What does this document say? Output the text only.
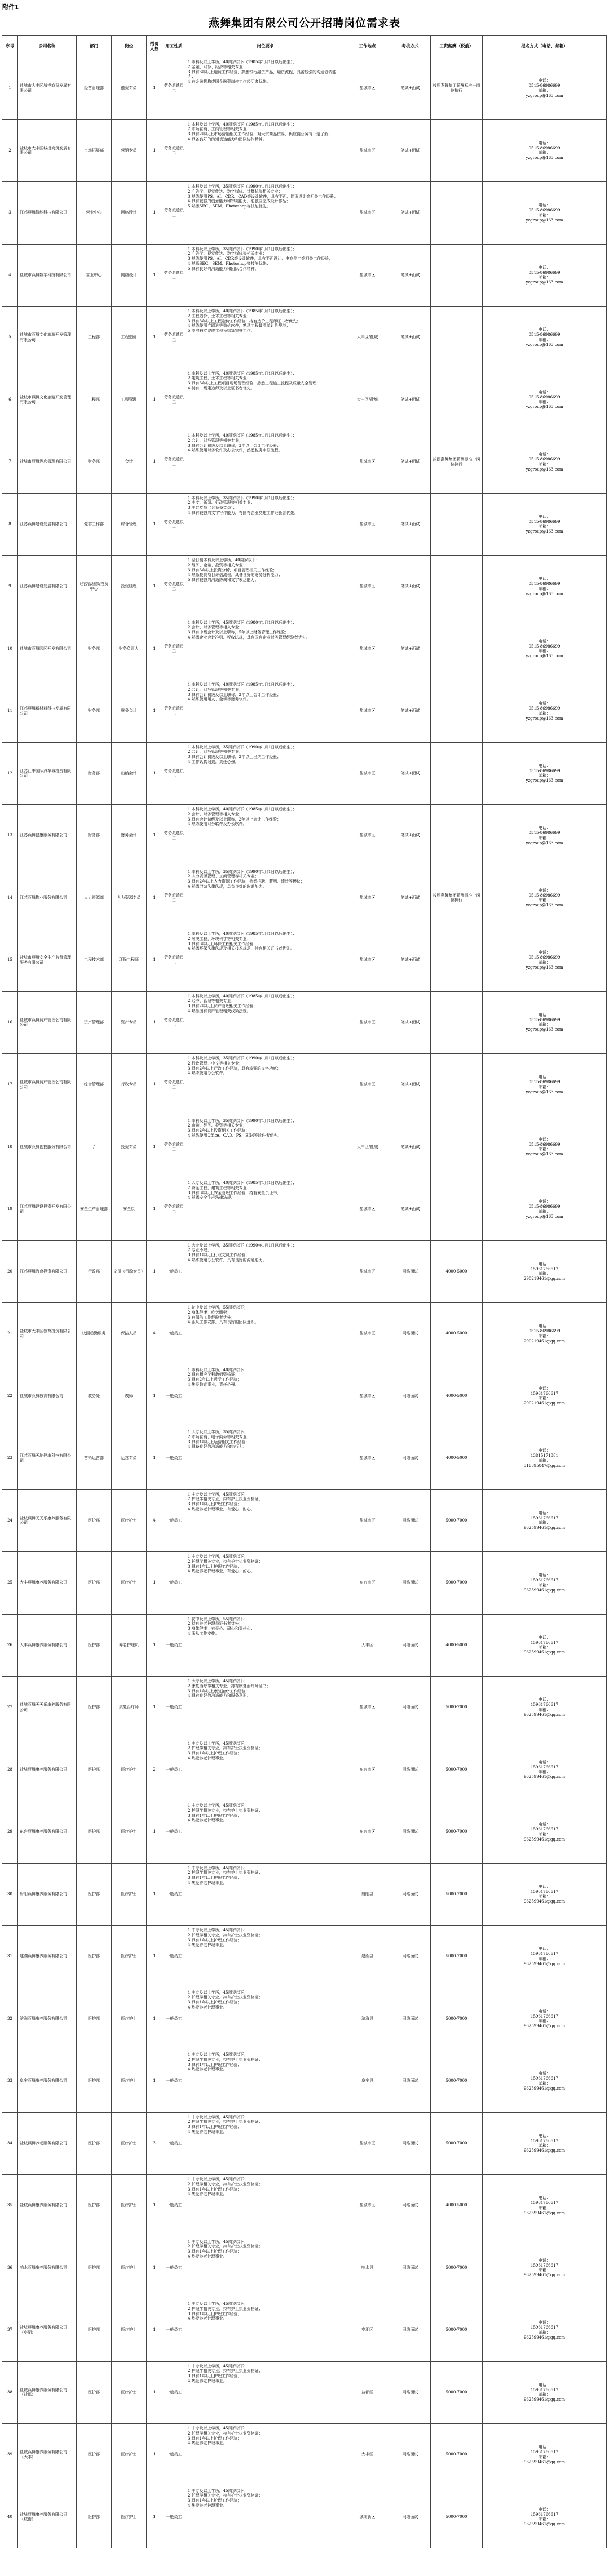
附件1
燕舞集团有限公司公开招聘岗位需求表
序号	公司名称	部门	岗位	招聘人数	用工性质	岗位要求	工作地点	考核方式	工资薪酬（税前）	报名方式（电话、邮箱）
1	盐城市大丰区城投商贸发展有限公司	经营管理部	融资专员	1	劳务派遣员工	1.本科及以上学历，40周岁以下（1985年1月1日以后出生）；
2.金融、财务、经济等相关专业；
3.具有3年以上融资工作经验，熟悉银行融资产品、融资流程，具备较强的沟通协调能力；
4.有金融机构或国企融资岗位工作经历者优先。	盐城市区	笔试+面试	按照燕舞集团薪酬标准一岗位执行	电话：
0515-86986699
邮箱：
yzgroup@163.com
2	盐城市大丰区城投商贸发展有限公司	市场拓展部	营销专员	1	劳务派遣员工	1.本科及以上学历，40周岁以下（1985年1月1日以后出生）；
2.市场营销、工商管理等相关专业；
3.具有2年以上市场营销相关工作经验，对大宗商品贸易、供应链业务有一定了解；
4.具备良好的沟通表达能力和团队协作精神。	盐城市区	笔试+面试		电话：
0515-86986699
邮箱：
yzgroup@163.com
3	江苏燕舞智能科技有限公司	营业中心	网络设计	1	劳务派遣员工	1.本科及以上学历，35周岁以下（1990年1月1日以后出生）；
2.广告学、视觉传达、数字媒体、计算机等相关专业；
3.熟练使用PS、AI、CDR、CAD等设计软件，具有平面、网页设计等相关工作经验；
4.具有较强的创意能力和审美能力，能独立完成设计作品；
5.熟悉SEO、SEM、Photoshop等技能优先。	盐城市区	笔试+面试		电话：
0515-86986699
邮箱：
yzgroup@163.com
4	盐城市燕舞数字科技有限公司	营业中心	网络设计	1	劳务派遣员工	1.本科及以上学历，35周岁以下（1990年1月1日以后出生）；
2.广告学、视觉传达、数字媒体等相关专业；
3.熟练使用PS、AI、CDR等设计软件，具有平面设计、电商美工等相关工作经验；
4.熟悉SEO、SEM、Photoshop等技能优先；
5.具有良好的沟通能力和团队合作精神。	盐城市区	笔试+面试		电话：
0515-86986699
邮箱：
yzgroup@163.com
5	盐城市燕舞文化旅游开发管理有限公司	工程部	工程造价	1	劳务派遣员工	1.本科及以上学历，40周岁以下（1985年1月1日以后出生）；
2.工程造价、土木工程等相关专业；
3.具有3年以上工程造价工作经验，持有造价工程师证书者优先；
4.熟练使用广联达等造价软件，熟悉工程量清单计价规范；
5.能够独立完成工程预结算审核工作。	大丰区/盐城	笔试+面试		电话：
0515-86986699
邮箱：
yzgroup@163.com
6	盐城市燕舞文化旅游开发管理有限公司	工程部	工程管理	1	劳务派遣员工	1.本科及以上学历，40周岁以下（1985年1月1日以后出生）；
2.建筑工程、土木工程等相关专业；
3.具有3年以上工程项目现场管理经验，熟悉工程施工流程及质量安全管理；
4.持有二级建造师及以上证书者优先。	大丰区/盐城	笔试+面试		电话：
0515-86986699
邮箱：
yzgroup@163.com
7	盐城市燕舞酒店管理有限公司	财务部	会计	1	劳务派遣员工	1.本科及以上学历，40周岁以下（1985年1月1日以后出生）；
2.会计、财务管理等相关专业；
3.具有会计初级及以上职称，3年以上会计工作经验；
4.熟练使用财务软件及办公软件，熟悉税务申报流程。	盐城市区	笔试+面试	按照燕舞集团薪酬标准一岗位执行	电话：
0515-86986699
邮箱：
yzgroup@163.com
8	江苏燕舞建设发展有限公司	党群工作部	综合管理	1	劳务派遣员工	1.本科及以上学历，35周岁以下（1990年1月1日以后出生）；
2.中文、新闻、行政管理等相关专业；
3.中共党员（含预备党员）；
4.具有较强的文字写作能力，有国有企业党建工作经验者优先。	盐城市区	笔试+面试		电话：
0515-86986699
邮箱：
yzgroup@163.com
9	江苏燕舞建设发展有限公司	经营管理部/投资中心	投资经理	1	劳务派遣员工	1.全日制本科及以上学历，40周岁以下；
2.经济、金融、投资等相关专业；
3.具有3年以上投资分析、项目管理相关工作经验；
4.熟悉投资项目评估流程，具备良好的财务分析能力；
5.具有较强的沟通协调和文字表达能力。	盐城市区	笔试+面试		电话：
0515-86986699
邮箱：
yzgroup@163.com
10	盐城市燕舞园区开发有限公司	财务部	财务负责人	1	劳务派遣员工	1.本科及以上学历，45周岁以下（1980年1月1日以后出生）；
2.会计、财务管理等相关专业；
3.具有中级会计及以上职称，5年以上财务管理工作经验；
4.熟悉企业会计准则、税收法规，具有国有企业财务管理经验者优先。	盐城市区	笔试+面试		电话：
0515-86986699
邮箱：
yzgroup@163.com
11	江苏燕舞新材料科技发展有限公司	财务部	财务会计	1	劳务派遣员工	1.本科及以上学历，40周岁以下（1985年1月1日以后出生）；
2.会计、财务管理等相关专业；
3.具有会计初级及以上职称，2年以上会计工作经验；
4.熟练使用用友、金蝶等财务软件。	盐城市区	笔试+面试		电话：
0515-86986699
邮箱：
yzgroup@163.com
12	江苏江中国际汽车城投资有限公司	财务部	出纳会计	1	劳务派遣员工	1.本科及以上学历，35周岁以下（1990年1月1日以后出生）；
2.会计、财务管理等相关专业；
3.具有会计初级及以上职称，2年以上出纳工作经验；
4.工作认真细致，责任心强。	盐城市区	笔试+面试		电话：
0515-86986699
邮箱：
yzgroup@163.com
13	江苏燕舞健康服务有限公司	财务部	财务会计	1	劳务派遣员工	1.本科及以上学历，40周岁以下（1985年1月1日以后出生）；
2.会计、财务管理等相关专业；
3.具有会计初级及以上职称，2年以上会计工作经验；
4.熟练使用财务软件及办公软件。	盐城市区	笔试+面试		电话：
0515-86986699
邮箱：
yzgroup@163.com
14	江苏燕舞物业服务有限公司	人力资源部	人力资源专员	1	劳务派遣员工	1.本科及以上学历，35周岁以下（1990年1月1日以后出生）；
2.人力资源管理、工商管理等相关专业；
3.具有2年以上人力资源工作经验，熟悉招聘、薪酬、绩效等模块；
4.熟悉劳动法律法规，具备良好的沟通能力。	盐城市区	笔试+面试	按照燕舞集团薪酬标准一岗位执行	电话：
0515-86986699
邮箱：
yzgroup@163.com
15	盐城市燕舞安全生产监督管理服务有限公司	工程技术部	环保工程师	1	劳务派遣员工	1.本科及以上学历，40周岁以下（1985年1月1日以后出生）；
2.环境工程、环境科学等相关专业；
3.具有3年以上环保工程相关工作经验；
4.熟悉环保法律法规及相关技术规范，持有相关证书者优先。	盐城市区	笔试+面试		电话：
0515-86986699
邮箱：
yzgroup@163.com
16	盐城市燕舞资产管理公司有限公司	资产管理部	资产专员	1	劳务派遣员工	1.本科及以上学历，40周岁以下（1985年1月1日以后出生）；
2.经济、管理等相关专业；
3.具有2年以上资产管理相关工作经验；
4.熟悉国有资产管理相关政策法规。	盐城市区	笔试+面试		电话：
0515-86986699
邮箱：
yzgroup@163.com
17	盐城市燕舞资产管理公司有限公司	综合管理部	行政专员	1	劳务派遣员工	1.本科及以上学历，35周岁以下（1990年1月1日以后出生）；
2.行政管理、中文等相关专业；
3.具有2年以上行政工作经验，具有较强的文字功底；
4.熟练使用办公软件。	盐城市区	笔试+面试		电话：
0515-86986699
邮箱：
yzgroup@163.com
18	盐城市燕舞创投服务有限公司	/	投资专员	1	劳务派遣员工	1.本科及以上学历，35周岁以下（1990年1月1日以后出生）；
2.金融、经济、投资等相关专业；
3.具有2年以上投资相关工作经验；
4.熟练使用Office、CAD、PS、BIM等软件者优先。	大丰区/盐城	笔试+面试		电话：
0515-86986699
邮箱：
yzgroup@163.com
19	江苏燕舞建设投资开发有限公司	安全生产管理部	安全员	1	劳务派遣员工	1.大专及以上学历，40周岁以下（1985年1月1日以后出生）；
2.安全工程、建筑工程等相关专业；
3.具有3年以上安全管理工作经验，持有安全员证书；
4.熟悉安全生产法律法规。	盐城市区	笔试+面试		电话：
0515-86986699
邮箱：
yzgroup@163.com
20	江苏燕舞教育投资有限公司	行政部	文员（行政专员）	1	一般员工	1.大专及以上学历，35周岁以下（1990年1月1日以后出生）；
2.专业不限；
3.具有1年以上行政文员工作经验；
4.熟练使用办公软件，具有良好的沟通能力。	盐城市区	网络面试	4000-5000	电话：
15961766617
邮箱：
290219461@qq.com
21	盐城市大丰区教育投资有限公司	校园后勤服务	保洁人员	4	一般员工	1.初中及以上学历，55周岁以下；
2.身体健康，吃苦耐劳；
3.有保洁工作经验者优先；
4.服从工作安排，具有良好的团队意识。	盐城市区	网络面试	4000-5000	电话：
0515-86986699
邮箱：
290219461@qq.com
22	盐城市燕舞教育有限公司	教务处	教师	1	一般员工	1.本科及以上学历，40周岁以下；
2.具有相应学科教师资格证；
3.具有2年以上教学工作经验；
4.热爱教育事业，责任心强。	盐城市区	网络面试	4000-5000	电话：
15961766617
邮箱：
290219461@qq.com
23	江苏燕舞天地健康科技有限公司	营销运营部	运营专员	1	一般员工	1.大专及以上学历，35周岁以下；
2.市场营销、电子商务等相关专业；
3.具有1年以上运营相关工作经验；
4.具备良好的沟通能力和执行力。	盐城市区	网络面试	4000-5000	电话：
13815171881
邮箱：
316895847@qq.com
24	盐城燕舞天天乐康养服务有限公司	医护部	医疗护士	4	一般员工	1.中专及以上学历，45周岁以下；
2.护理学相关专业，持有护士执业资格证；
3.具有1年以上护理工作经验；
4.热爱养老护理事业，有爱心、耐心。	盐城市区	网络面试	5000-7000	电话：
15961766617
邮箱：
962599461@qq.com
25	大丰燕舞康养服务有限公司	医护部	医疗护士	1	一般员工	1.中专及以上学历，45周岁以下；
2.护理学相关专业，持有护士执业资格证；
3.具有1年以上护理工作经验；
4.热爱养老护理事业，有爱心、耐心。	东台市区	网络面试	5000-7000	电话：
15961766617
邮箱：
962599461@qq.com
26	大丰燕舞康养服务有限公司	医护部	养老护理员	1	一般员工	1.初中及以上学历，55周岁以下；
2.持有养老护理员证书者优先；
3.身体健康，有爱心、耐心和责任心；
4.服从工作安排。	大丰区	网络面试	4000-5000	电话：
15961766617
邮箱：
962599461@qq.com
27	盐城燕舞天天乐康养服务有限公司	医护部	康复治疗师	1	一般员工	1.大专及以上学历，45周岁以下；
2.康复治疗学相关专业，持有康复治疗师证书；
3.具有1年以上康复治疗工作经验；
4.具有良好的沟通能力和服务意识。	盐城市区	网络面试	5000-7000	电话：
15961766617
邮箱：
962599461@qq.com
28	盐城燕舞康养服务有限公司	医护部	医疗护士	2	一般员工	1.中专及以上学历，45周岁以下；
2.护理学相关专业，持有护士执业资格证；
3.具有1年以上护理工作经验；
4.热爱养老护理事业。	东台市区	网络面试	5000-7000	电话：
15961766617
邮箱：
962599461@qq.com
29	东台燕舞康养服务有限公司	医护部	医疗护士	1	一般员工	1.中专及以上学历，45周岁以下；
2.护理学相关专业，持有护士执业资格证；
3.具有1年以上护理工作经验；
4.热爱养老护理事业。	东台市区	网络面试	5000-7000	电话：
15961766617
邮箱：
962599461@qq.com
30	射阳燕舞康养服务有限公司	医护部	医疗护士	1	一般员工	1.中专及以上学历，45周岁以下；
2.护理学相关专业，持有护士执业资格证；
3.具有1年以上护理工作经验；
4.热爱养老护理事业。	射阳县	网络面试	5000-7000	电话：
15961766617
邮箱：
962599461@qq.com
31	建湖燕舞康养服务有限公司	医护部	医疗护士	1	一般员工	1.中专及以上学历，45周岁以下；
2.护理学相关专业，持有护士执业资格证；
3.具有1年以上护理工作经验；
4.热爱养老护理事业。	建湖县	网络面试	5000-7000	电话：
15961766617
邮箱：
962599461@qq.com
32	滨海燕舞康养服务有限公司	医护部	医疗护士	1	一般员工	1.中专及以上学历，45周岁以下；
2.护理学相关专业，持有护士执业资格证；
3.具有1年以上护理工作经验；
4.热爱养老护理事业。	滨海县	网络面试	5000-7000	电话：
15961766617
邮箱：
962599461@qq.com
33	阜宁燕舞康养服务有限公司	医护部	医疗护士	1	一般员工	1.中专及以上学历，45周岁以下；
2.护理学相关专业，持有护士执业资格证；
3.具有1年以上护理工作经验；
4.热爱养老护理事业。	阜宁县	网络面试	5000-7000	电话：
15961766617
邮箱：
962599461@qq.com
34	盐城燕舞养老服务有限公司	医护部	医疗护士	3	一般员工	1.中专及以上学历，45周岁以下；
2.护理学相关专业，持有护士执业资格证；
3.具有1年以上护理工作经验；
4.热爱养老护理事业。	盐城市区	网络面试	5000-7000	电话：
15961766617
邮箱：
962599461@qq.com
35	盐城燕舞康养服务有限公司	医护部	医疗护士	1	一般员工	1.中专及以上学历，45周岁以下；
2.护理学相关专业，持有护士执业资格证；
3.具有1年以上护理工作经验；
4.热爱养老护理事业。	盐城市区	网络面试	4000-5000	电话：
15961766617
邮箱：
962599461@qq.com
36	响水燕舞康养服务有限公司	医护部	医疗护士	1	一般员工	1.中专及以上学历，45周岁以下；
2.护理学相关专业，持有护士执业资格证；
3.具有1年以上护理工作经验；
4.热爱养老护理事业。	响水县	网络面试	5000-7000	电话：
15961766617
邮箱：
962599461@qq.com
37	盐城燕舞康养服务有限公司（亭湖）	医护部	医疗护士	1	一般员工	1.中专及以上学历，45周岁以下；
2.护理学相关专业，持有护士执业资格证；
3.具有1年以上护理工作经验；
4.热爱养老护理事业。	亭湖区	网络面试	5000-7000	电话：
15961766617
邮箱：
962599461@qq.com
38	盐城燕舞康养服务有限公司（盐都）	医护部	医疗护士	1	一般员工	1.中专及以上学历，45周岁以下；
2.护理学相关专业，持有护士执业资格证；
3.具有1年以上护理工作经验；
4.热爱养老护理事业。	盐都区	网络面试	5000-7000	电话：
15961766617
邮箱：
962599461@qq.com
39	盐城燕舞康养服务有限公司（大丰）	医护部	医疗护士	1	一般员工	1.中专及以上学历，45周岁以下；
2.护理学相关专业，持有护士执业资格证；
3.具有1年以上护理工作经验；
4.热爱养老护理事业。	大丰区	网络面试	5000-7000	电话：
15961766617
邮箱：
962599461@qq.com
40	盐城燕舞康养服务有限公司（城南）	医护部	医疗护士	1	一般员工	1.中专及以上学历，45周岁以下；
2.护理学相关专业，持有护士执业资格证；
3.具有1年以上护理工作经验；
4.热爱养老护理事业。	城南新区	网络面试	5000-7000	电话：
15961766617
邮箱：
962599461@qq.com
